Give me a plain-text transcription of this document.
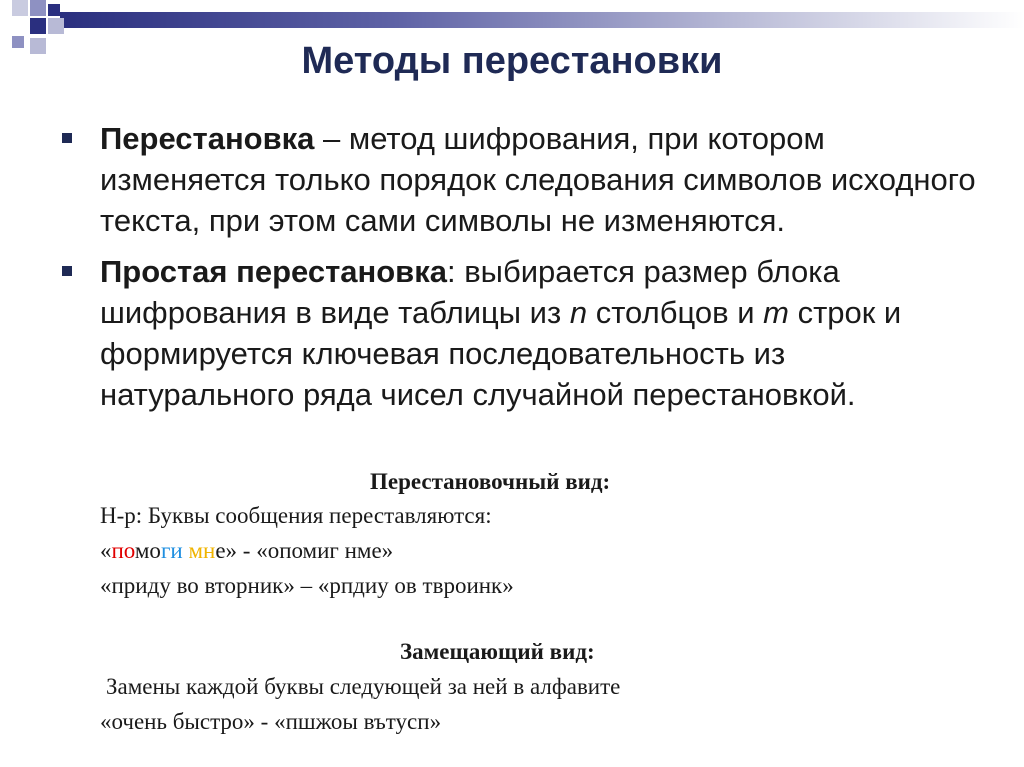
Методы перестановки
Перестановка – метод шифрования, при котором изменяется только порядок следования символов исходного текста, при этом сами символы не изменяются.
Простая перестановка: выбирается размер блока шифрования в виде таблицы из n столбцов и m строк и формируется ключевая последовательность из натурального ряда чисел случайной перестановкой.
Перестановочный вид:
Н-р: Буквы сообщения переставляются:
«помоги мне» - «опомиг нме»
«приду во вторник» – «рпдиу ов твроинк»
Замещающий вид:
Замены каждой буквы следующей за ней в алфавите
«очень быстро» - «пшжоы вътусп»
